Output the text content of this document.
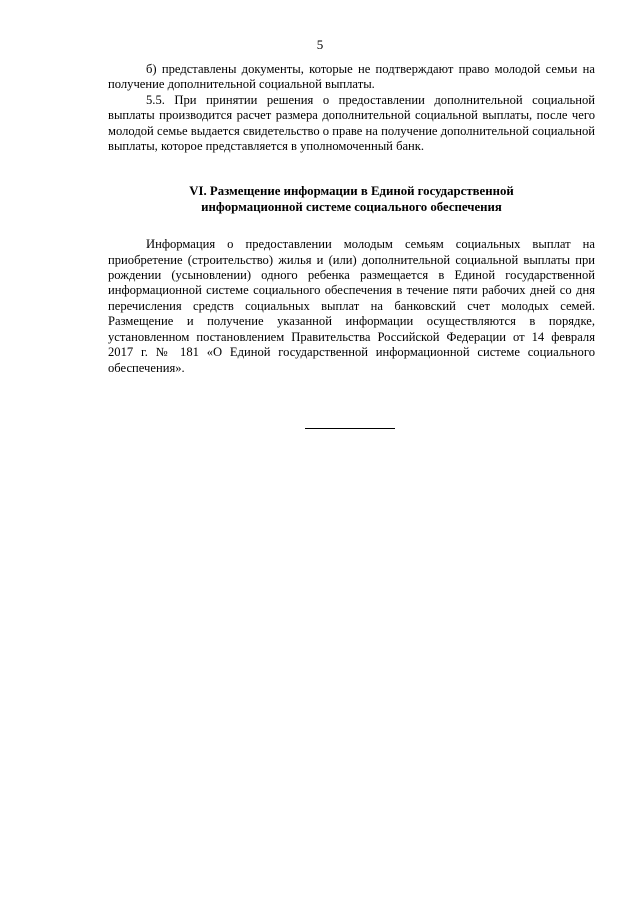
5

б) представлены документы, которые не подтверждают право молодой семьи на получение дополнительной социальной выплаты.

5.5. При принятии решения о предоставлении дополнительной социальной выплаты производится расчет размера дополнительной социальной выплаты, после чего молодой семье выдается свидетельство о праве на получение дополнительной социальной выплаты, которое представляется в уполномоченный банк.

VI. Размещение информации в Единой государственной
информационной системе социального обеспечения

Информация о предоставлении молодым семьям социальных выплат на приобретение (строительство) жилья и (или) дополнительной социальной выплаты при рождении (усыновлении) одного ребенка размещается в Единой государственной информационной системе социального обеспечения в течение пяти рабочих дней со дня перечисления средств социальных выплат на банковский счет молодых семей. Размещение и получение указанной информации осуществляются в порядке, установленном постановлением Правительства Российской Федерации от 14 февраля 2017 г. № 181 «О Единой государственной информационной системе социального обеспечения».
